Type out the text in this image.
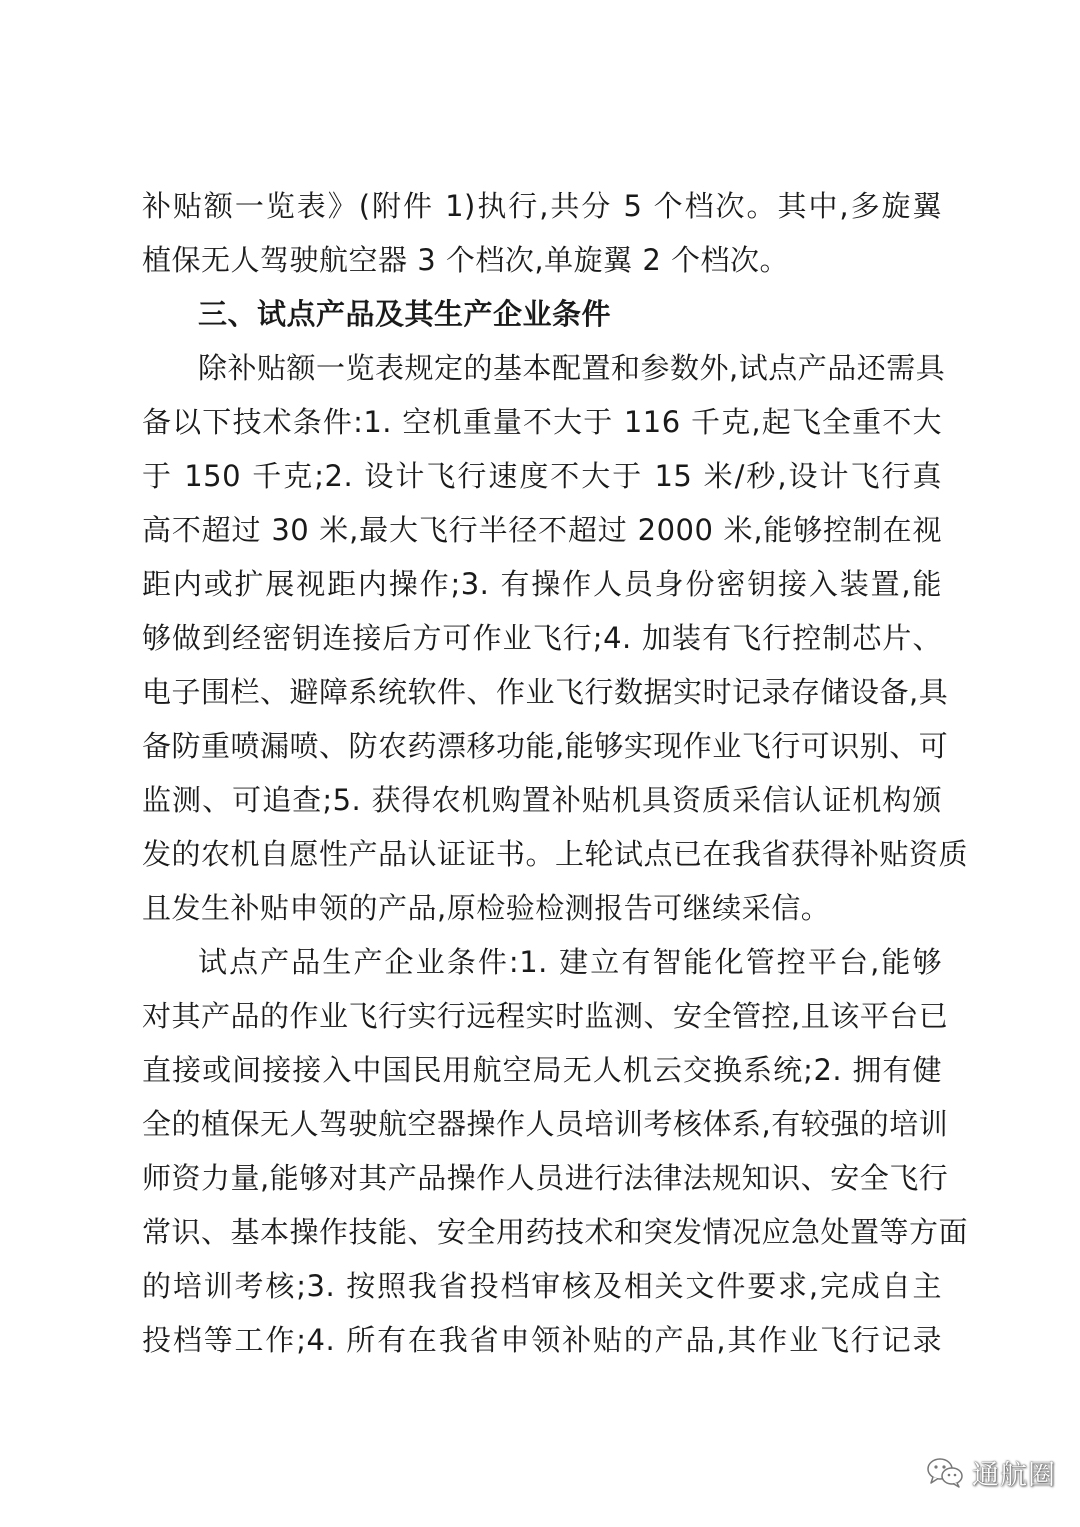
补贴额一览表》(附件 1)执行,共分 5 个档次。其中,多旋翼
植保无人驾驶航空器 3 个档次,单旋翼 2 个档次。
三、试点产品及其生产企业条件
除补贴额一览表规定的基本配置和参数外,试点产品还需具
备以下技术条件:1. 空机重量不大于 116 千克,起飞全重不大
于 150 千克;2. 设计飞行速度不大于 15 米/秒,设计飞行真
高不超过 30 米,最大飞行半径不超过 2000 米,能够控制在视
距内或扩展视距内操作;3. 有操作人员身份密钥接入装置,能
够做到经密钥连接后方可作业飞行;4. 加装有飞行控制芯片、
电子围栏、避障系统软件、作业飞行数据实时记录存储设备,具
备防重喷漏喷、防农药漂移功能,能够实现作业飞行可识别、可
监测、可追查;5. 获得农机购置补贴机具资质采信认证机构颁
发的农机自愿性产品认证证书。上轮试点已在我省获得补贴资质
且发生补贴申领的产品,原检验检测报告可继续采信。
试点产品生产企业条件:1. 建立有智能化管控平台,能够
对其产品的作业飞行实行远程实时监测、安全管控,且该平台已
直接或间接接入中国民用航空局无人机云交换系统;2. 拥有健
全的植保无人驾驶航空器操作人员培训考核体系,有较强的培训
师资力量,能够对其产品操作人员进行法律法规知识、安全飞行
常识、基本操作技能、安全用药技术和突发情况应急处置等方面
的培训考核;3. 按照我省投档审核及相关文件要求,完成自主
投档等工作;4. 所有在我省申领补贴的产品,其作业飞行记录
通航圈
